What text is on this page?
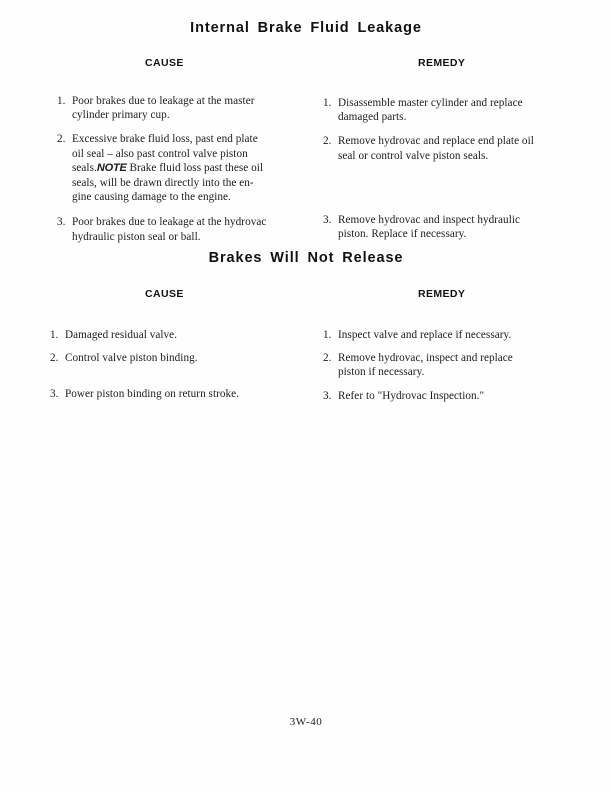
Internal Brake Fluid Leakage
CAUSE	REMEDY
1. Poor brakes due to leakage at the master
cylinder primary cup.
2. Excessive brake fluid loss, past end plate
oil seal – also past control valve piston
seals.NOTE Brake fluid loss past these oil
seals, will be drawn directly into the en-
gine causing damage to the engine.
3. Poor brakes due to leakage at the hydrovac
hydraulic piston seal or ball.
1. Disassemble master cylinder and replace
damaged parts.
2. Remove hydrovac and replace end plate oil
seal or control valve piston seals.
3. Remove hydrovac and inspect hydraulic
piston. Replace if necessary.
Brakes Will Not Release
CAUSE	REMEDY
1. Damaged residual valve.
2. Control valve piston binding.
3. Power piston binding on return stroke.
1. Inspect valve and replace if necessary.
2. Remove hydrovac, inspect and replace
piston if necessary.
3. Refer to "Hydrovac Inspection."
3W-40
